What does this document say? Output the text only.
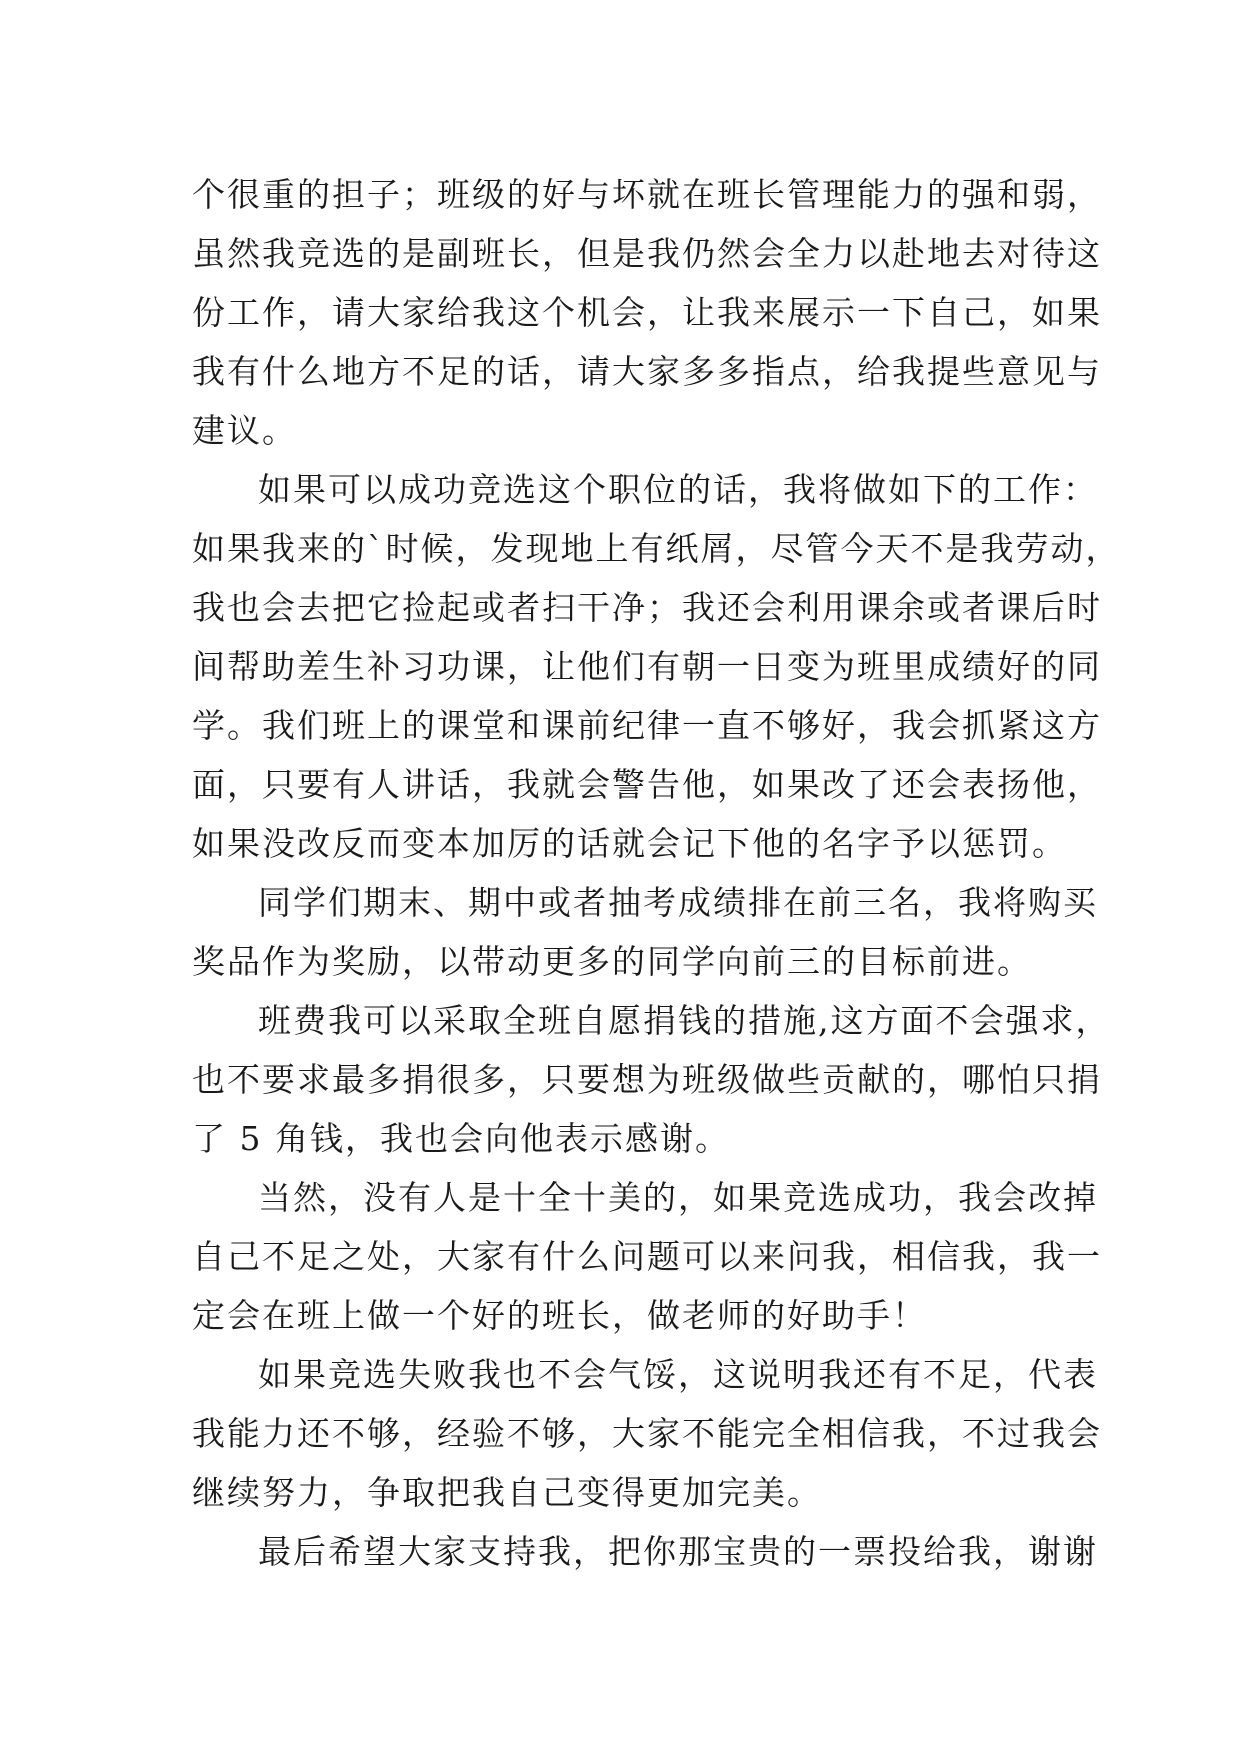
个很重的担子；班级的好与坏就在班长管理能力的强和弱，
虽然我竞选的是副班长，但是我仍然会全力以赴地去对待这
份工作，请大家给我这个机会，让我来展示一下自己，如果
我有什么地方不足的话，请大家多多指点，给我提些意见与
建议。
如果可以成功竞选这个职位的话，我将做如下的工作：
如果我来的`时候，发现地上有纸屑，尽管今天不是我劳动，
我也会去把它捡起或者扫干净；我还会利用课余或者课后时
间帮助差生补习功课，让他们有朝一日变为班里成绩好的同
学。我们班上的课堂和课前纪律一直不够好，我会抓紧这方
面，只要有人讲话，我就会警告他，如果改了还会表扬他，
如果没改反而变本加厉的话就会记下他的名字予以惩罚。
同学们期末、期中或者抽考成绩排在前三名，我将购买
奖品作为奖励，以带动更多的同学向前三的目标前进。
班费我可以采取全班自愿捐钱的措施,这方面不会强求，
也不要求最多捐很多，只要想为班级做些贡献的，哪怕只捐
了 5 角钱，我也会向他表示感谢。
当然，没有人是十全十美的，如果竞选成功，我会改掉
自己不足之处，大家有什么问题可以来问我，相信我，我一
定会在班上做一个好的班长，做老师的好助手！
如果竞选失败我也不会气馁，这说明我还有不足，代表
我能力还不够，经验不够，大家不能完全相信我，不过我会
继续努力，争取把我自己变得更加完美。
最后希望大家支持我，把你那宝贵的一票投给我，谢谢
